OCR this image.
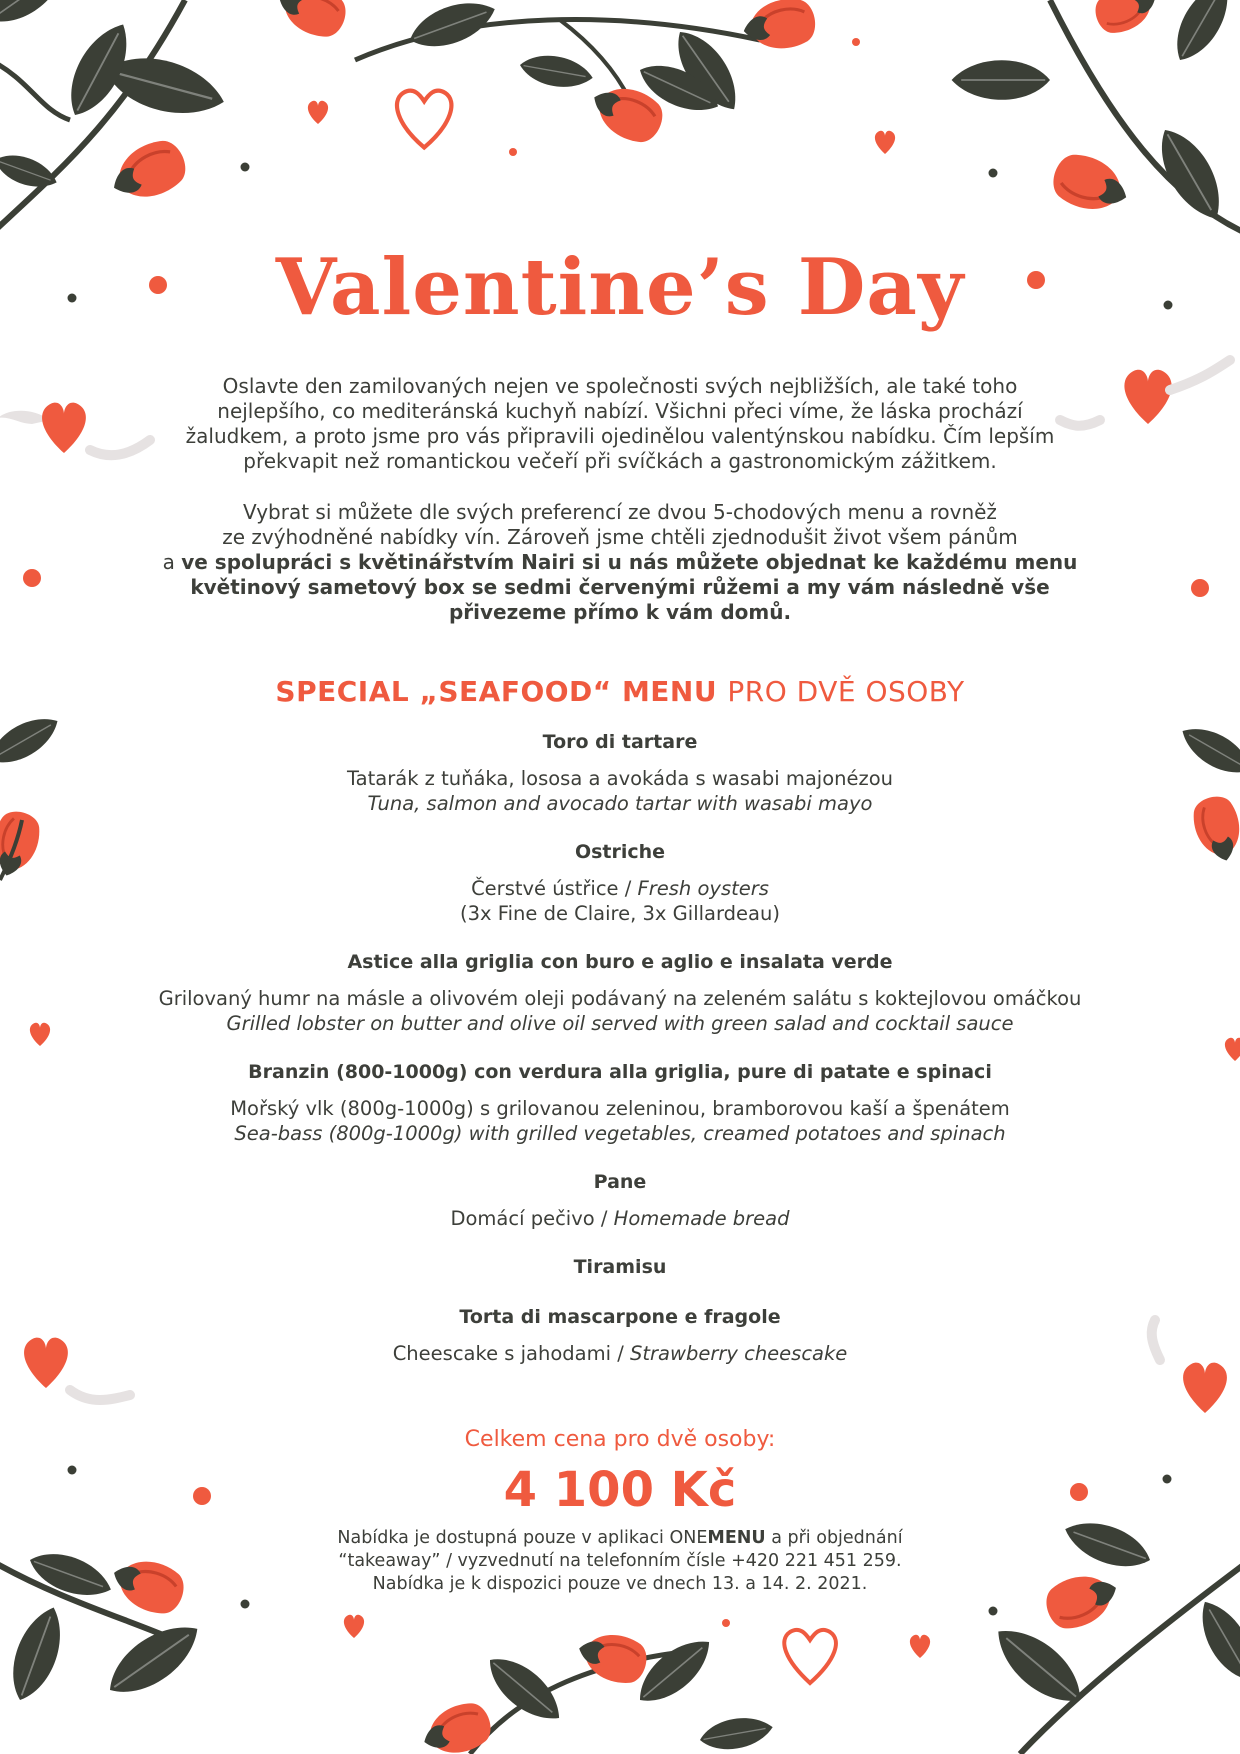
Valentine’s Day
Oslavte den zamilovaných nejen ve společnosti svých nejbližších, ale také toho
nejlepšího, co mediteránská kuchyň nabízí. Všichni přeci víme, že láska prochází
žaludkem, a proto jsme pro vás připravili ojedinělou valentýnskou nabídku. Čím lepším
překvapit než romantickou večeří při svíčkách a gastronomickým zážitkem.
Vybrat si můžete dle svých preferencí ze dvou 5-chodových menu a rovněž
ze zvýhodněné nabídky vín. Zároveň jsme chtěli zjednodušit život všem pánům
a ve spolupráci s květinářstvím Nairi si u nás můžete objednat ke každému menu
květinový sametový box se sedmi červenými růžemi a my vám následně vše
přivezeme přímo k vám domů.
SPECIAL „SEAFOOD“ MENU PRO DVĚ OSOBY

Toro di tartare

Tatarák z tuňáka, lososa a avokáda s wasabi majonézou

Tuna, salmon and avocado tartar with wasabi mayo

Ostriche

Čerstvé ústřice / Fresh oysters

(3x Fine de Claire, 3x Gillardeau)

Astice alla griglia con buro e aglio e insalata verde

Grilovaný humr na másle a olivovém oleji podávaný na zeleném salátu s koktejlovou omáčkou

Grilled lobster on butter and olive oil served with green salad and cocktail sauce

Branzin (800-1000g) con verdura alla griglia, pure di patate e spinaci

Mořský vlk (800g-1000g) s grilovanou zeleninou, bramborovou kaší a špenátem

Sea-bass (800g-1000g) with grilled vegetables, creamed potatoes and spinach

Pane

Domácí pečivo / Homemade bread

Tiramisu

Torta di mascarpone e fragole

Cheescake s jahodami / Strawberry cheescake

Celkem cena pro dvě osoby:

4 100 Kč

Nabídka je dostupná pouze v aplikaci ONEMENU a při objednání
“takeaway” / vyzvednutí na telefonním čísle +420 221 451 259.
Nabídka je k dispozici pouze ve dnech 13. a 14. 2. 2021.
